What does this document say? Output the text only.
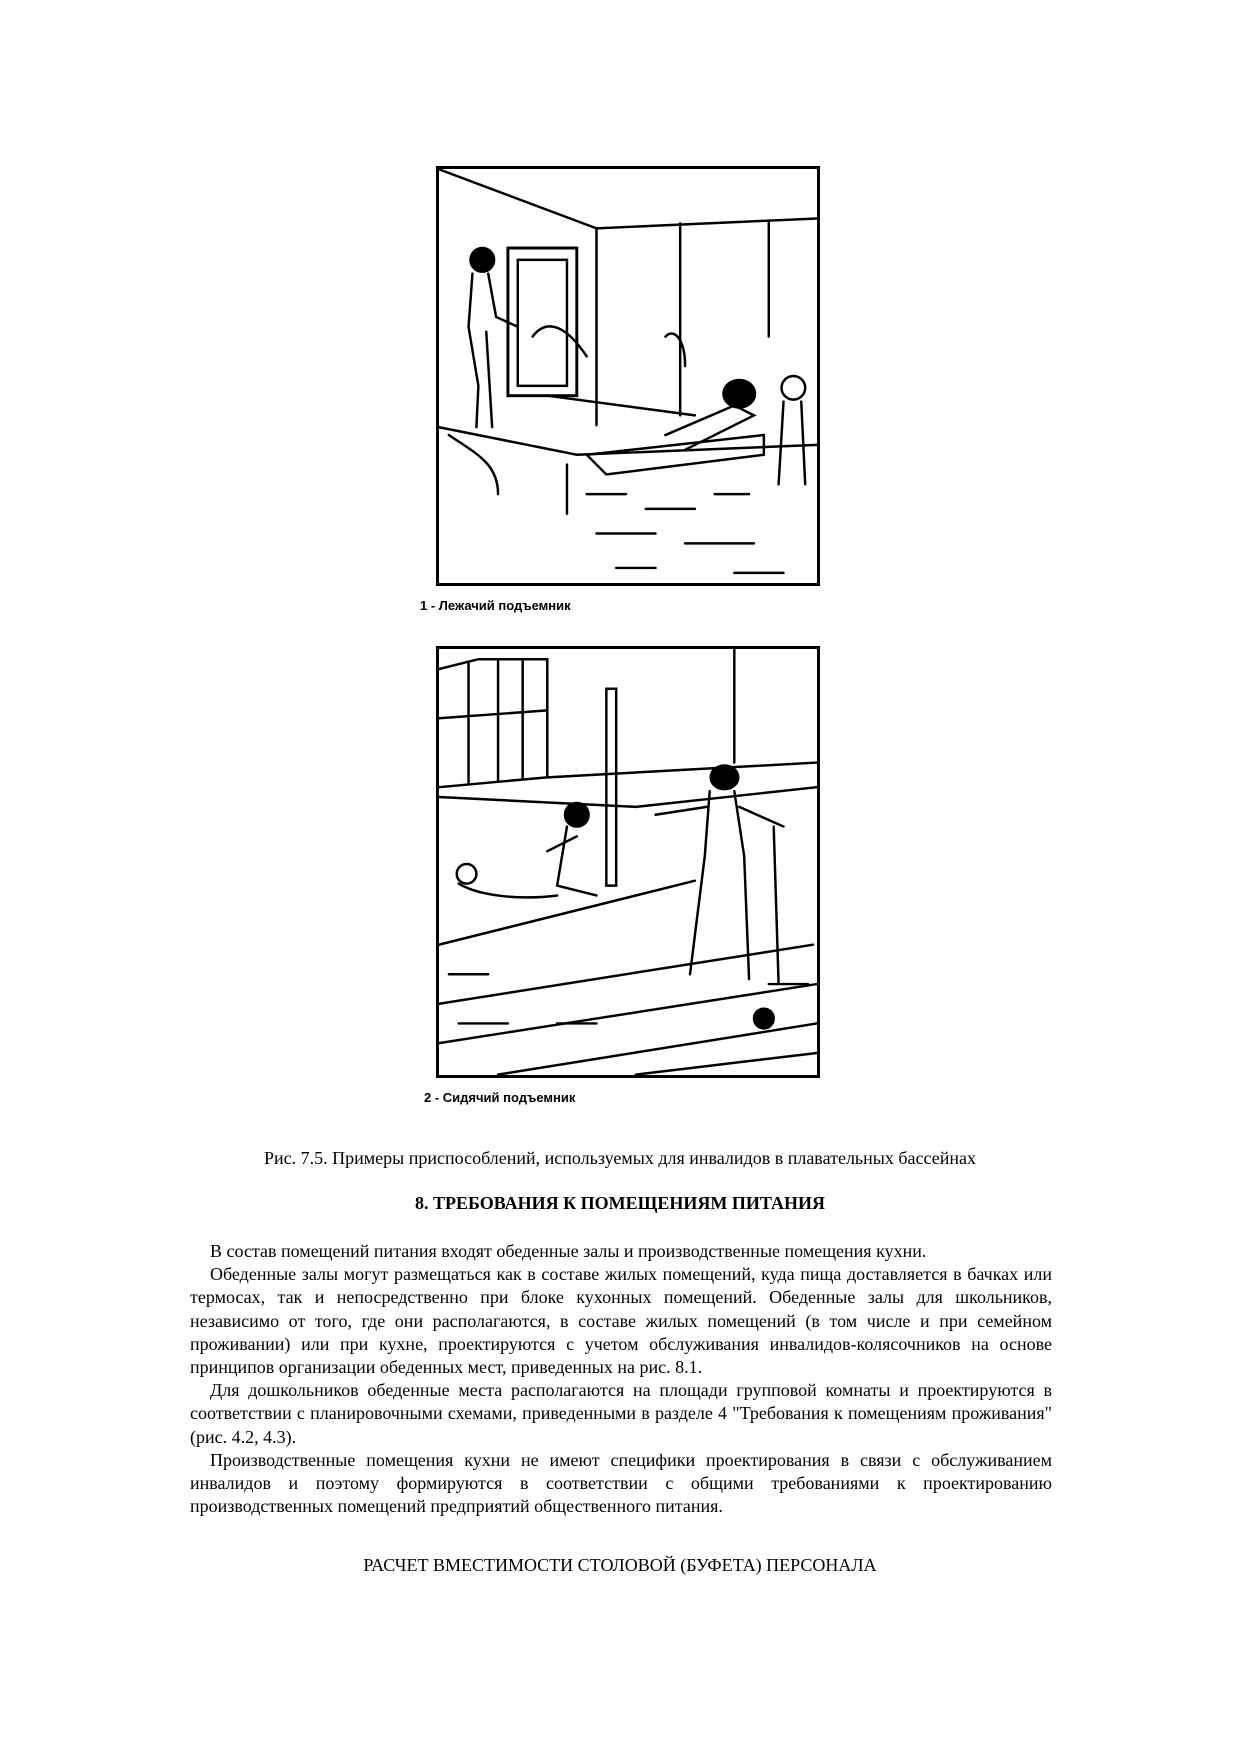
1 - Лежачий подъемник
2 - Сидячий подъемник
Рис. 7.5. Примеры приспособлений, используемых для инвалидов в плавательных бассейнах
8. ТРЕБОВАНИЯ К ПОМЕЩЕНИЯМ ПИТАНИЯ

В состав помещений питания входят обеденные залы и производственные помещения кухни.

Обеденные залы могут размещаться как в составе жилых помещений, куда пища доставляется в бачках или термосах, так и непосредственно при блоке кухонных помещений. Обеденные залы для школьников, независимо от того, где они располагаются, в составе жилых помещений (в том числе и при семейном проживании) или при кухне, проектируются с учетом обслуживания инвалидов-колясочников на основе принципов организации обеденных мест, приведенных на рис. 8.1.

Для дошкольников обеденные места располагаются на площади групповой комнаты и проектируются в соответствии с планировочными схемами, приведенными в разделе 4 "Требования к помещениям проживания" (рис. 4.2, 4.3).

Производственные помещения кухни не имеют специфики проектирования в связи с обслуживанием инвалидов и поэтому формируются в соответствии с общими требованиями к проектированию производственных помещений предприятий общественного питания.

РАСЧЕТ ВМЕСТИМОСТИ СТОЛОВОЙ (БУФЕТА) ПЕРСОНАЛА
